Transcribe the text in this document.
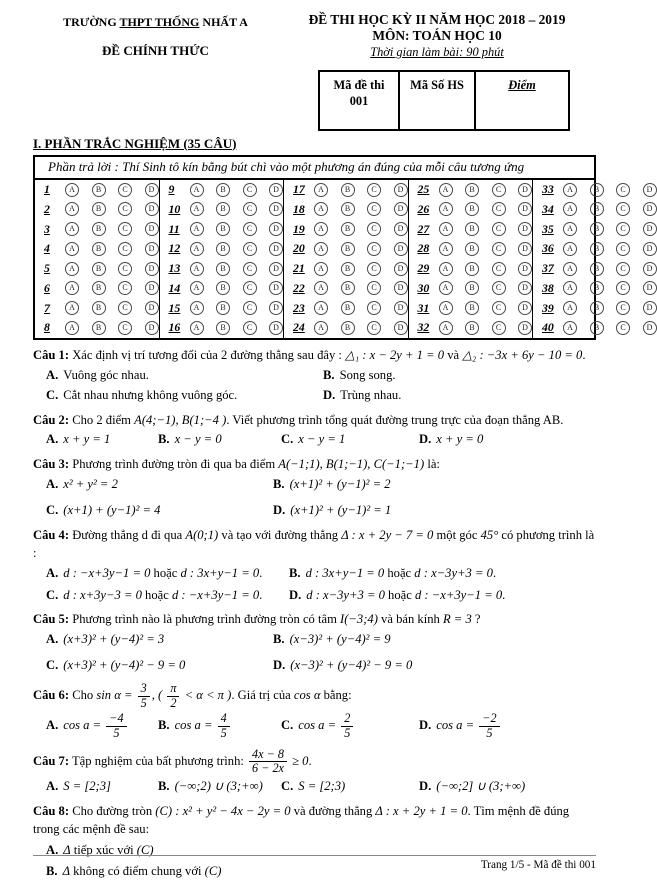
TRƯỜNG THPT THỐNG NHẤT A
ĐỀ CHÍNH THỨC
ĐỀ THI HỌC KỲ II NĂM HỌC 2018 – 2019
MÔN: TOÁN HỌC 10
Thời gian làm bài: 90 phút
Mã đề thi
001
	Mã Số HS	Điểm
I. PHẦN TRẮC NGHIỆM (35 CÂU)
Phần trả lời : Thí Sinh tô kín bằng bút chì vào một phương án đúng của mỗi câu tương ứng
1	A	B	C	D	9	A	B	C	D	17	A	B	C	D	25	A	B	C	D	33	A	B	C	D
2	A	B	C	D	10	A	B	C	D	18	A	B	C	D	26	A	B	C	D	34	A	B	C	D
3	A	B	C	D	11	A	B	C	D	19	A	B	C	D	27	A	B	C	D	35	A	B	C	D
4	A	B	C	D	12	A	B	C	D	20	A	B	C	D	28	A	B	C	D	36	A	B	C	D
5	A	B	C	D	13	A	B	C	D	21	A	B	C	D	29	A	B	C	D	37	A	B	C	D
6	A	B	C	D	14	A	B	C	D	22	A	B	C	D	30	A	B	C	D	38	A	B	C	D
7	A	B	C	D	15	A	B	C	D	23	A	B	C	D	31	A	B	C	D	39	A	B	C	D
8	A	B	C	D	16	A	B	C	D	24	A	B	C	D	32	A	B	C	D	40	A	B	C	D
Câu 1: Xác định vị trí tương đối của 2 đường thẳng sau đây : △₁ : x − 2y + 1 = 0 và △₂ : −3x + 6y − 10 = 0.
A. Vuông góc nhau.	B. Song song.
C. Cắt nhau nhưng không vuông góc.	D. Trùng nhau.
Câu 2: Cho 2 điểm A(4;−1), B(1;−4 ). Viết phương trình tổng quát đường trung trực của đoạn thẳng AB.
A. x + y = 1	B. x − y = 0	C. x − y = 1	D. x + y = 0
Câu 3: Phương trình đường tròn đi qua ba điểm A(−1;1), B(1;−1), C(−1;−1) là:
A. x² + y² = 2	B. (x+1)² + (y−1)² = 2
C. (x+1) + (y−1)² = 4	D. (x+1)² + (y−1)² = 1
Câu 4: Đường thẳng d đi qua A(0;1) và tạo với đường thẳng Δ : x + 2y − 7 = 0 một góc 45° có phương trình là :
A. d : −x+3y−1 = 0 hoặc d : 3x+y−1 = 0.	B. d : 3x+y−1 = 0 hoặc d : x−3y+3 = 0.
C. d : x+3y−3 = 0 hoặc d : −x+3y−1 = 0.	D. d : x−3y+3 = 0 hoặc d : −x+3y−1 = 0.
Câu 5: Phương trình nào là phương trình đường tròn có tâm I(−3;4) và bán kính R = 3 ?
A. (x+3)² + (y−4)² = 3	B. (x−3)² + (y−4)² = 9
C. (x+3)² + (y−4)² − 9 = 0	D. (x−3)² + (y−4)² − 9 = 0
Câu 6: Cho $\sin \alpha = \frac{3}{5}$ , ( $\frac{\pi}{2} < \alpha < \pi$ ). Giá trị của cos α bằng:
A. $\cos a = \frac{-4}{5} B$. $\cos a = \frac{4}{5}$	C. $\cos a = \frac{2}{5}$	D. $\cos a = \frac{-2}{5}$
Câu 7: Tập nghiệm của bất phương trình: $\frac{4x - 8}{6 - 2x} \ge 0$.
A. S = [2;3]	B. (−∞;2) ∪ (3;+∞)	C. S = [2;3)	D. (−∞;2] ∪ (3;+∞)
Câu 8: Cho đường tròn (C) : x² + y² − 4x − 2y = 0 và đường thẳng Δ : x + 2y + 1 = 0. Tìm mệnh đề đúng trong các mệnh đề sau:
A. Δ tiếp xúc với (C)
B. Δ không có điểm chung với (C)	Trang 1/5 - Mã đề thi 001
